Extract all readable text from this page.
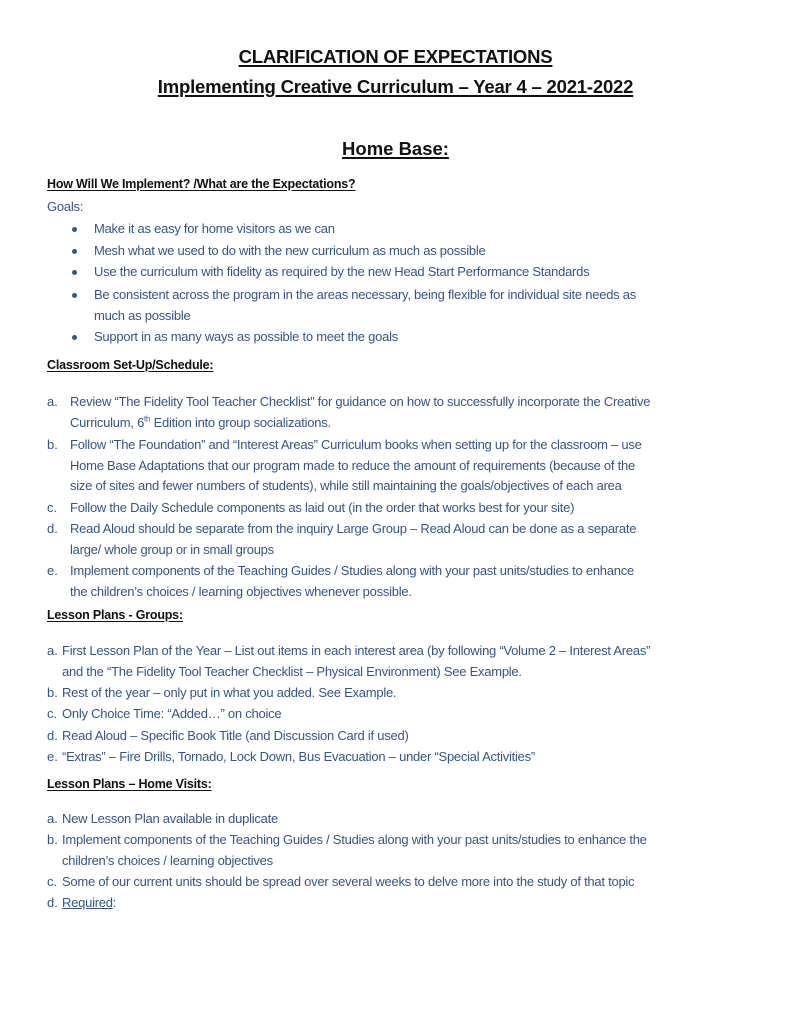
CLARIFICATION OF EXPECTATIONS
Implementing Creative Curriculum – Year 4 – 2021-2022
Home Base:
How Will We Implement? /What are the Expectations?
Goals:
Make it as easy for home visitors as we can
Mesh what we used to do with the new curriculum as much as possible
Use the curriculum with fidelity as required by the new Head Start Performance Standards
Be consistent across the program in the areas necessary, being flexible for individual site needs as
much as possible
Support in as many ways as possible to meet the goals
Classroom Set-Up/Schedule:
a. Review “The Fidelity Tool Teacher Checklist” for guidance on how to successfully incorporate the Creative
Curriculum, 6th Edition into group socializations.
b. Follow “The Foundation” and “Interest Areas” Curriculum books when setting up for the classroom – use
Home Base Adaptations that our program made to reduce the amount of requirements (because of the
size of sites and fewer numbers of students), while still maintaining the goals/objectives of each area
c. Follow the Daily Schedule components as laid out (in the order that works best for your site)
d. Read Aloud should be separate from the inquiry Large Group – Read Aloud can be done as a separate
large/ whole group or in small groups
e. Implement components of the Teaching Guides / Studies along with your past units/studies to enhance
the children’s choices / learning objectives whenever possible.
Lesson Plans - Groups:
a. First Lesson Plan of the Year – List out items in each interest area (by following “Volume 2 – Interest Areas”
and the “The Fidelity Tool Teacher Checklist – Physical Environment) See Example.
b. Rest of the year – only put in what you added. See Example.
c. Only Choice Time: “Added…” on choice
d. Read Aloud – Specific Book Title (and Discussion Card if used)
e. “Extras” – Fire Drills, Tornado, Lock Down, Bus Evacuation – under “Special Activities”
Lesson Plans – Home Visits:
a. New Lesson Plan available in duplicate
b. Implement components of the Teaching Guides / Studies along with your past units/studies to enhance the
children’s choices / learning objectives
c. Some of our current units should be spread over several weeks to delve more into the study of that topic
d. Required:
